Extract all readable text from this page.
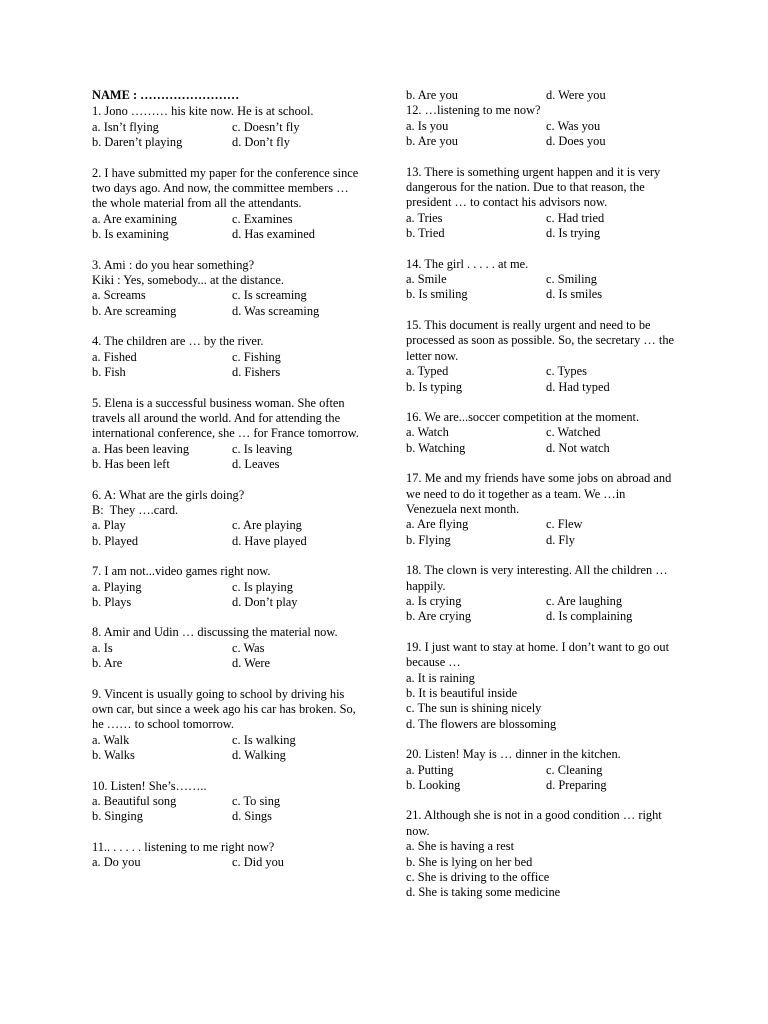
NAME : ……………………
1. Jono ……… his kite now. He is at school.
a. Isn’t flying	c. Doesn’t fly
b. Daren’t playing	d. Don’t fly
2. I have submitted my paper for the conference since two days ago. And now, the committee members … the whole material from all the attendants.
a. Are examining	c. Examines
b. Is examining	d. Has examined
3. Ami : do you hear something?
Kiki : Yes, somebody... at the distance.
a. Screams	c. Is screaming
b. Are screaming	d. Was screaming
4. The children are … by the river.
a. Fished	c. Fishing
b. Fish	d. Fishers
5. Elena is a successful business woman. She often travels all around the world. And for attending the international conference, she … for France tomorrow.
a. Has been leaving	c. Is leaving
b. Has been left	d. Leaves
6. A: What are the girls doing?
B:  They ….card.
a. Play	c. Are playing
b. Played	d. Have played
7. I am not...video games right now.
a. Playing	c. Is playing
b. Plays	d. Don’t play
8. Amir and Udin … discussing the material now.
a. Is	c. Was
b. Are	d. Were
9. Vincent is usually going to school by driving his own car, but since a week ago his car has broken. So, he …… to school tomorrow.
a. Walk	c. Is walking
b. Walks	d. Walking
10. Listen! She’s……..
a. Beautiful song	c. To sing
b. Singing	d. Sings
11.. . . . . . listening to me right now?
a. Do you	c. Did you
b. Are you	d. Were you
12. …listening to me now?
a. Is you	c. Was you
b. Are you	d. Does you
13. There is something urgent happen and it is very dangerous for the nation. Due to that reason, the president … to contact his advisors now.
a. Tries	c. Had tried
b. Tried	d. Is trying
14. The girl . . . . . at me.
a. Smile	c. Smiling
b. Is smiling	d. Is smiles
15. This document is really urgent and need to be processed as soon as possible. So, the secretary … the letter now.
a. Typed	c. Types
b. Is typing	d. Had typed
16. We are...soccer competition at the moment.
a. Watch	c. Watched
b. Watching	d. Not watch
17. Me and my friends have some jobs on abroad and we need to do it together as a team. We …in Venezuela next month.
a. Are flying	c. Flew
b. Flying	d. Fly
18. The clown is very interesting. All the children … happily.
a. Is crying	c. Are laughing
b. Are crying	d. Is complaining
19. I just want to stay at home. I don’t want to go out because …
a. It is raining
b. It is beautiful inside
c. The sun is shining nicely
d. The flowers are blossoming
20. Listen! May is … dinner in the kitchen.
a. Putting	c. Cleaning
b. Looking	d. Preparing
21. Although she is not in a good condition … right now.
a. She is having a rest
b. She is lying on her bed
c. She is driving to the office
d. She is taking some medicine
